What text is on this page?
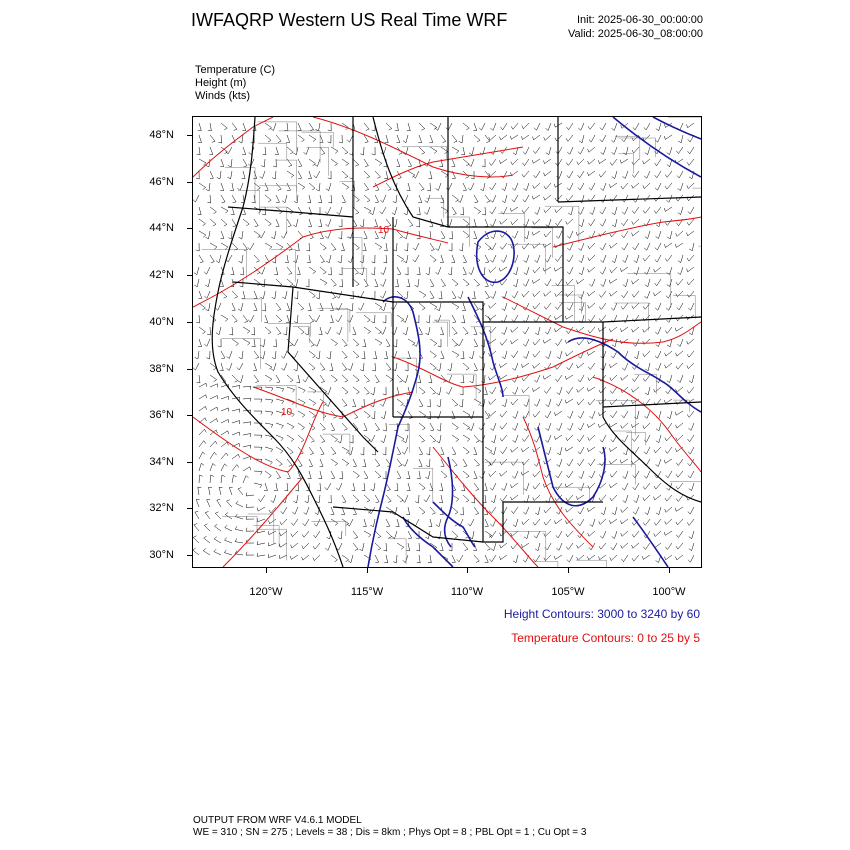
IWFAQRP Western US Real Time WRF	Init: 2025-06-30_00:00:00
Valid: 2025-06-30_08:00:00
Temperature (C)
Height (m)
Winds (kts)
10
10
48°N
46°N
44°N
42°N
40°N
38°N
36°N
34°N
32°N
30°N
120°W	115°W	110°W	105°W	100°W
Height Contours: 3000 to 3240 by 60
Temperature Contours: 0 to 25 by 5
OUTPUT FROM WRF V4.6.1 MODEL
WE = 310 ; SN = 275 ; Levels = 38 ; Dis = 8km ; Phys Opt = 8 ; PBL Opt = 1 ; Cu Opt = 3
